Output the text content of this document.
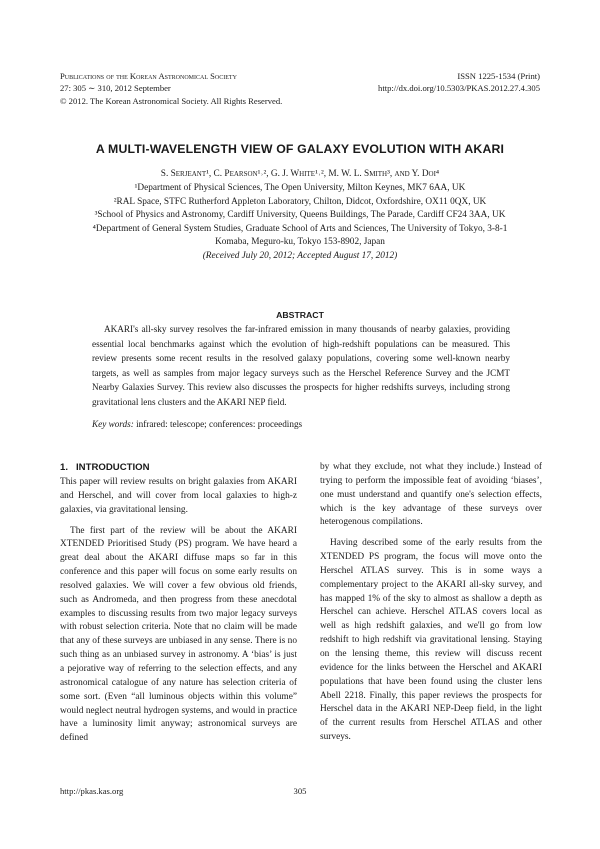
Publications of the Korean Astronomical Society
27: 305 ∼ 310, 2012 September
© 2012. The Korean Astronomical Society. All Rights Reserved.
ISSN 1225-1534 (Print)
http://dx.doi.org/10.5303/PKAS.2012.27.4.305
A MULTI-WAVELENGTH VIEW OF GALAXY EVOLUTION WITH AKARI
S. Serjeant¹, C. Pearson¹˒², G. J. White¹˒², M. W. L. Smith³, and Y. Doi⁴
¹Department of Physical Sciences, The Open University, Milton Keynes, MK7 6AA, UK
²RAL Space, STFC Rutherford Appleton Laboratory, Chilton, Didcot, Oxfordshire, OX11 0QX, UK
³School of Physics and Astronomy, Cardiff University, Queens Buildings, The Parade, Cardiff CF24 3AA, UK
⁴Department of General System Studies, Graduate School of Arts and Sciences, The University of Tokyo, 3-8-1
Komaba, Meguro-ku, Tokyo 153-8902, Japan
(Received July 20, 2012; Accepted August 17, 2012)
ABSTRACT

AKARI's all-sky survey resolves the far-infrared emission in many thousands of nearby galaxies, providing essential local benchmarks against which the evolution of high-redshift populations can be measured. This review presents some recent results in the resolved galaxy populations, covering some well-known nearby targets, as well as samples from major legacy surveys such as the Herschel Reference Survey and the JCMT Nearby Galaxies Survey. This review also discusses the prospects for higher redshifts surveys, including strong gravitational lens clusters and the AKARI NEP field.

Key words: infrared: telescope; conferences: proceedings
1. INTRODUCTION

This paper will review results on bright galaxies from AKARI and Herschel, and will cover from local galaxies to high-z galaxies, via gravitational lensing.

The first part of the review will be about the AKARI XTENDED Prioritised Study (PS) program. We have heard a great deal about the AKARI diffuse maps so far in this conference and this paper will focus on some early results on resolved galaxies. We will cover a few obvious old friends, such as Andromeda, and then progress from these anecdotal examples to discussing results from two major legacy surveys with robust selection criteria. Note that no claim will be made that any of these surveys are unbiased in any sense. There is no such thing as an unbiased survey in astronomy. A ‘bias’ is just a pejorative way of referring to the selection effects, and any astronomical catalogue of any nature has selection criteria of some sort. (Even “all luminous objects within this volume” would neglect neutral hydrogen systems, and would in practice have a luminosity limit anyway; astronomical surveys are defined

by what they exclude, not what they include.) Instead of trying to perform the impossible feat of avoiding ‘biases’, one must understand and quantify one's selection effects, which is the key advantage of these surveys over heterogenous compilations.

Having described some of the early results from the XTENDED PS program, the focus will move onto the Herschel ATLAS survey. This is in some ways a complementary project to the AKARI all-sky survey, and has mapped 1% of the sky to almost as shallow a depth as Herschel can achieve. Herschel ATLAS covers local as well as high redshift galaxies, and we'll go from low redshift to high redshift via gravitational lensing. Staying on the lensing theme, this review will discuss recent evidence for the links between the Herschel and AKARI populations that have been found using the cluster lens Abell 2218. Finally, this paper reviews the prospects for Herschel data in the AKARI NEP-Deep field, in the light of the current results from Herschel ATLAS and other surveys.

http://pkas.kas.org	305
